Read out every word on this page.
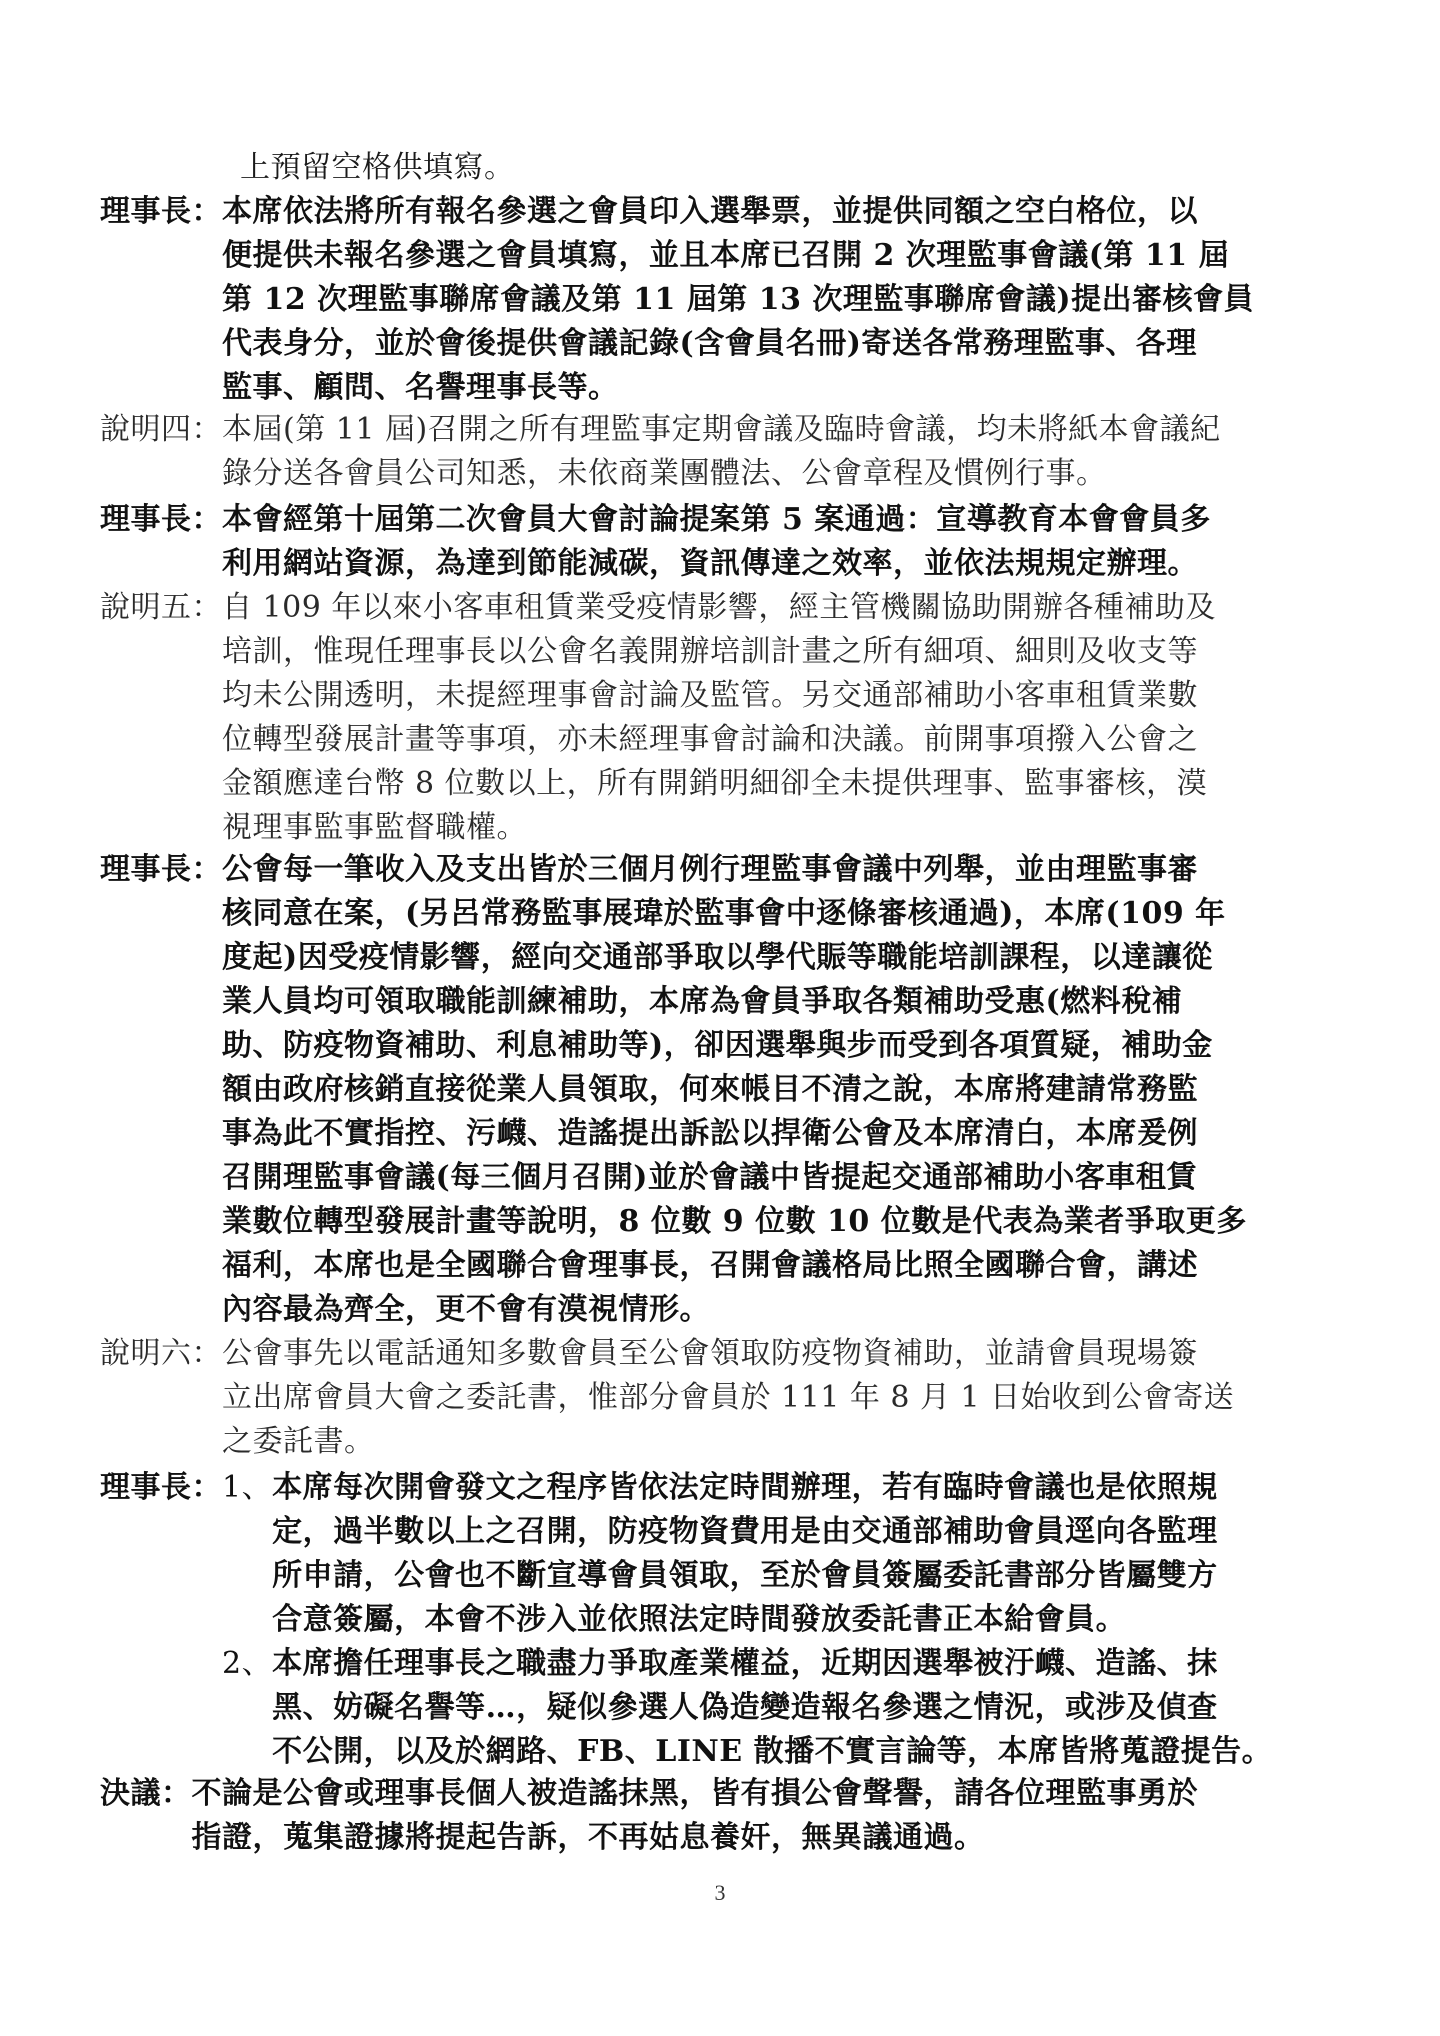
上預留空格供填寫。
理事長： 本席依法將所有報名參選之會員印入選舉票，並提供同額之空白格位，以
便提供未報名參選之會員填寫，並且本席已召開 2 次理監事會議(第 11 屆
第 12 次理監事聯席會議及第 11 屆第 13 次理監事聯席會議)提出審核會員
代表身分，並於會後提供會議記錄(含會員名冊)寄送各常務理監事、各理
監事、顧問、名譽理事長等。
說明四： 本屆(第 11 屆)召開之所有理監事定期會議及臨時會議，均未將紙本會議紀
錄分送各會員公司知悉，未依商業團體法、公會章程及慣例行事。
理事長： 本會經第十屆第二次會員大會討論提案第 5 案通過：宣導教育本會會員多
利用網站資源，為達到節能減碳，資訊傳達之效率，並依法規規定辦理。
說明五： 自 109 年以來小客車租賃業受疫情影響，經主管機關協助開辦各種補助及
培訓，惟現任理事長以公會名義開辦培訓計畫之所有細項、細則及收支等
均未公開透明，未提經理事會討論及監管。另交通部補助小客車租賃業數
位轉型發展計畫等事項，亦未經理事會討論和決議。前開事項撥入公會之
金額應達台幣 8 位數以上，所有開銷明細卻全未提供理事、監事審核，漠
視理事監事監督職權。
理事長： 公會每一筆收入及支出皆於三個月例行理監事會議中列舉，並由理監事審
核同意在案，(另呂常務監事展瑋於監事會中逐條審核通過)，本席(109 年
度起)因受疫情影響，經向交通部爭取以學代賑等職能培訓課程，以達讓從
業人員均可領取職能訓練補助，本席為會員爭取各類補助受惠(燃料稅補
助、防疫物資補助、利息補助等)，卻因選舉與步而受到各項質疑，補助金
額由政府核銷直接從業人員領取，何來帳目不清之說，本席將建請常務監
事為此不實指控、污衊、造謠提出訴訟以捍衛公會及本席清白，本席爰例
召開理監事會議(每三個月召開)並於會議中皆提起交通部補助小客車租賃
業數位轉型發展計畫等說明，8 位數 9 位數 10 位數是代表為業者爭取更多
福利，本席也是全國聯合會理事長，召開會議格局比照全國聯合會，講述
內容最為齊全，更不會有漠視情形。
說明六： 公會事先以電話通知多數會員至公會領取防疫物資補助，並請會員現場簽
立出席會員大會之委託書，惟部分會員於 111 年 8 月 1 日始收到公會寄送
之委託書。
理事長： 1、 本席每次開會發文之程序皆依法定時間辦理，若有臨時會議也是依照規
定，過半數以上之召開，防疫物資費用是由交通部補助會員逕向各監理
所申請，公會也不斷宣導會員領取，至於會員簽屬委託書部分皆屬雙方
合意簽屬，本會不涉入並依照法定時間發放委託書正本給會員。
2、 本席擔任理事長之職盡力爭取產業權益，近期因選舉被汙衊、造謠、抹
黑、妨礙名譽等…，疑似參選人偽造變造報名參選之情況，或涉及偵查
不公開，以及於網路、FB、LINE 散播不實言論等，本席皆將蒐證提告。
決議： 不論是公會或理事長個人被造謠抹黑，皆有損公會聲譽，請各位理監事勇於
指證，蒐集證據將提起告訴，不再姑息養奸，無異議通過。
3
